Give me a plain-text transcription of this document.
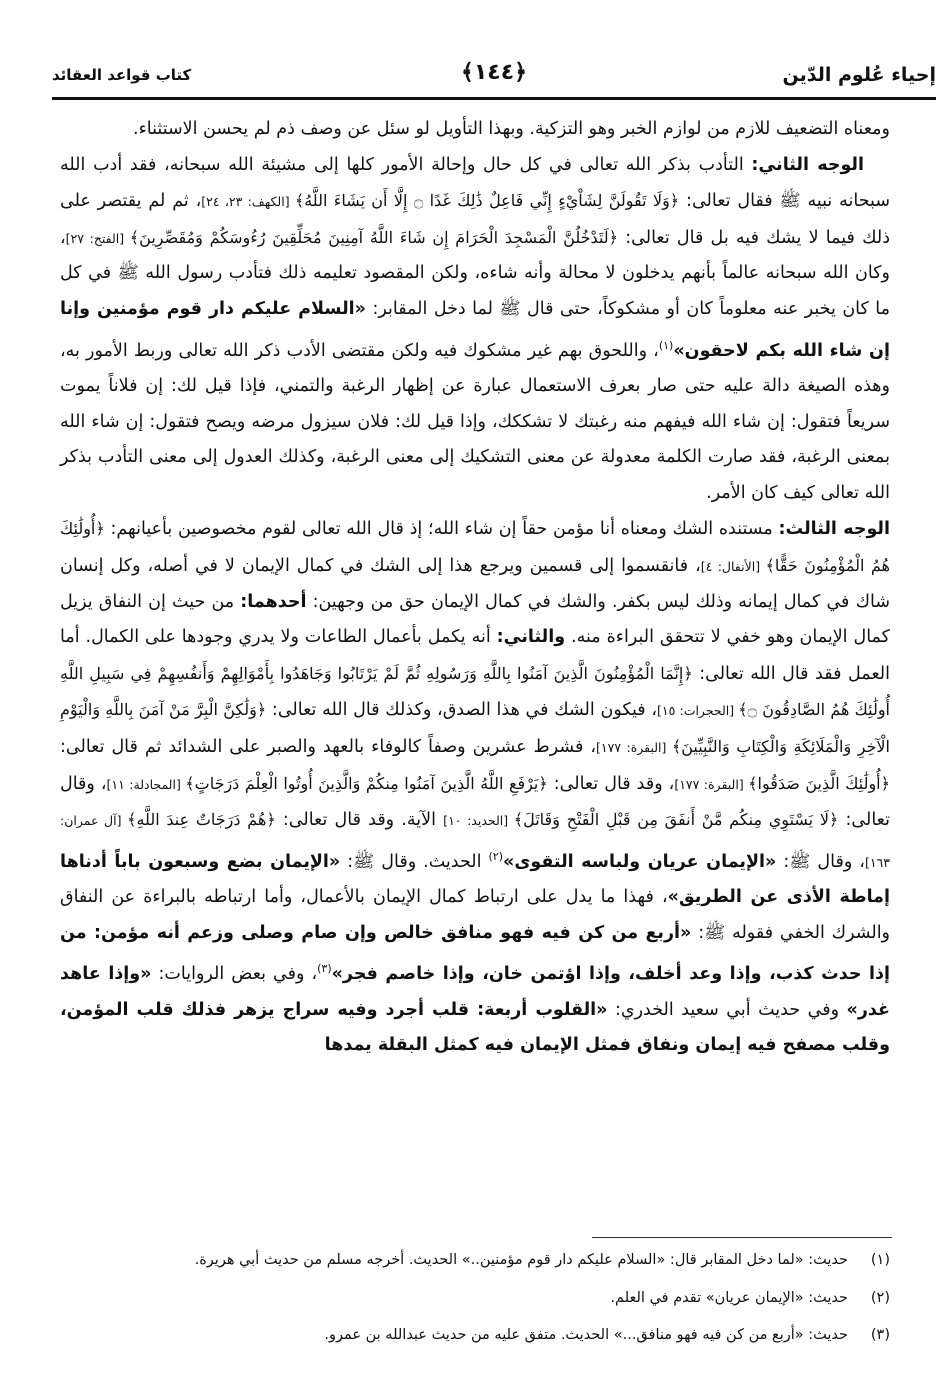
إحياء عُلوم الدّين
﴿١٤٤﴾
كتاب قواعد العقائد

ومعناه التضعيف للازم من لوازم الخبر وهو التزكية. وبهذا التأويل لو سئل عن وصف ذم لم يحسن الاستثناء.

الوجه الثاني: التأدب بذكر الله تعالى في كل حال وإحالة الأمور كلها إلى مشيئة الله سبحانه، فقد أدب الله سبحانه نبيه ﷺ فقال تعالى: ﴿وَلَا تَقُولَنَّ لِشَاْيْءٍ إِنِّي فَاعِلٌ ذَٰلِكَ غَدًا ۝ إِلَّا أَن يَشَاءَ اللَّهُ﴾ [الكهف: ٢٣، ٢٤]، ثم لم يقتصر على ذلك فيما لا يشك فيه بل قال تعالى: ﴿لَتَدْخُلُنَّ الْمَسْجِدَ الْحَرَامَ إِن شَاءَ اللَّهُ آمِنِينَ مُحَلِّقِينَ رُءُوسَكُمْ وَمُقَصِّرِينَ﴾ [الفتح: ٢٧]، وكان الله سبحانه عالماً بأنهم يدخلون لا محالة وأنه شاءه، ولكن المقصود تعليمه ذلك فتأدب رسول الله ﷺ في كل ما كان يخبر عنه معلوماً كان أو مشكوكاً، حتى قال ﷺ لما دخل المقابر: «السلام عليكم دار قوم مؤمنين وإنا إن شاء الله بكم لاحقون»$^{(١)}$، واللحوق بهم غير مشكوك فيه ولكن مقتضى الأدب ذكر الله تعالى وربط الأمور به، وهذه الصيغة دالة عليه حتى صار بعرف الاستعمال عبارة عن إظهار الرغبة والتمني، فإذا قيل لك: إن فلاناً يموت سريعاً فتقول: إن شاء الله فيفهم منه رغبتك لا تشككك، وإذا قيل لك: فلان سيزول مرضه ويصح فتقول: إن شاء الله بمعنى الرغبة، فقد صارت الكلمة معدولة عن معنى التشكيك إلى معنى الرغبة، وكذلك العدول إلى معنى التأدب بذكر الله تعالى كيف كان الأمر.

الوجه الثالث: مستنده الشك ومعناه أنا مؤمن حقاً إن شاء الله؛ إذ قال الله تعالى لقوم مخصوصين بأعيانهم: ﴿أُولَٰئِكَ هُمُ الْمُؤْمِنُونَ حَقًّا﴾ [الأنفال: ٤]، فانقسموا إلى قسمين ويرجع هذا إلى الشك في كمال الإيمان لا في أصله، وكل إنسان شاك في كمال إيمانه وذلك ليس بكفر. والشك في كمال الإيمان حق من وجهين: أحدهما: من حيث إن النفاق يزيل كمال الإيمان وهو خفي لا تتحقق البراءة منه. والثاني: أنه يكمل بأعمال الطاعات ولا يدري وجودها على الكمال. أما العمل فقد قال الله تعالى: ﴿إِنَّمَا الْمُؤْمِنُونَ الَّذِينَ آمَنُوا بِاللَّهِ وَرَسُولِهِ ثُمَّ لَمْ يَرْتَابُوا وَجَاهَدُوا بِأَمْوَالِهِمْ وَأَنفُسِهِمْ فِي سَبِيلِ اللَّهِ أُولَٰئِكَ هُمُ الصَّادِقُونَ ۝﴾ [الحجرات: ١٥]، فيكون الشك في هذا الصدق، وكذلك قال الله تعالى: ﴿وَلَٰكِنَّ الْبِرَّ مَنْ آمَنَ بِاللَّهِ وَالْيَوْمِ الْآخِرِ وَالْمَلَائِكَةِ وَالْكِتَابِ وَالنَّبِيِّينَ﴾ [البقرة: ١٧٧]، فشرط عشرين وصفاً كالوفاء بالعهد والصبر على الشدائد ثم قال تعالى: ﴿أُولَٰئِكَ الَّذِينَ صَدَقُوا﴾ [البقرة: ١٧٧]، وقد قال تعالى: ﴿يَرْفَعِ اللَّهُ الَّذِينَ آمَنُوا مِنكُمْ وَالَّذِينَ أُوتُوا الْعِلْمَ دَرَجَاتٍ﴾ [المجادلة: ١١]، وقال تعالى: ﴿لَا يَسْتَوِي مِنكُم مَّنْ أَنفَقَ مِن قَبْلِ الْفَتْحِ وَقَاتَلَ﴾ [الحديد: ١٠] الآية. وقد قال تعالى: ﴿هُمْ دَرَجَاتٌ عِندَ اللَّهِ﴾ [آل عمران: ١٦٣]، وقال ﷺ: «الإيمان عريان ولباسه التقوى»$^{(٢)}$ الحديث. وقال ﷺ: «الإيمان بضع وسبعون باباً أدناها إماطة الأذى عن الطريق»، فهذا ما يدل على ارتباط كمال الإيمان بالأعمال، وأما ارتباطه بالبراءة عن النفاق والشرك الخفي فقوله ﷺ: «أربع من كن فيه فهو منافق خالص وإن صام وصلى وزعم أنه مؤمن: من إذا حدث كذب، وإذا وعد أخلف، وإذا اؤتمن خان، وإذا خاصم فجر»$^{(٣)}$، وفي بعض الروايات: «وإذا عاهد غدر» وفي حديث أبي سعيد الخدري: «القلوب أربعة: قلب أجرد وفيه سراج يزهر فذلك قلب المؤمن، وقلب مصفح فيه إيمان ونفاق فمثل الإيمان فيه كمثل البقلة يمدها

(١)حديث: «لما دخل المقابر قال: «السلام عليكم دار قوم مؤمنين..» الحديث. أخرجه مسلم من حديث أبي هريرة.
(٢)حديث: «الإيمان عريان» تقدم في العلم.
(٣)حديث: «أربع من كن فيه فهو منافق...» الحديث. متفق عليه من حديث عبدالله بن عمرو.
